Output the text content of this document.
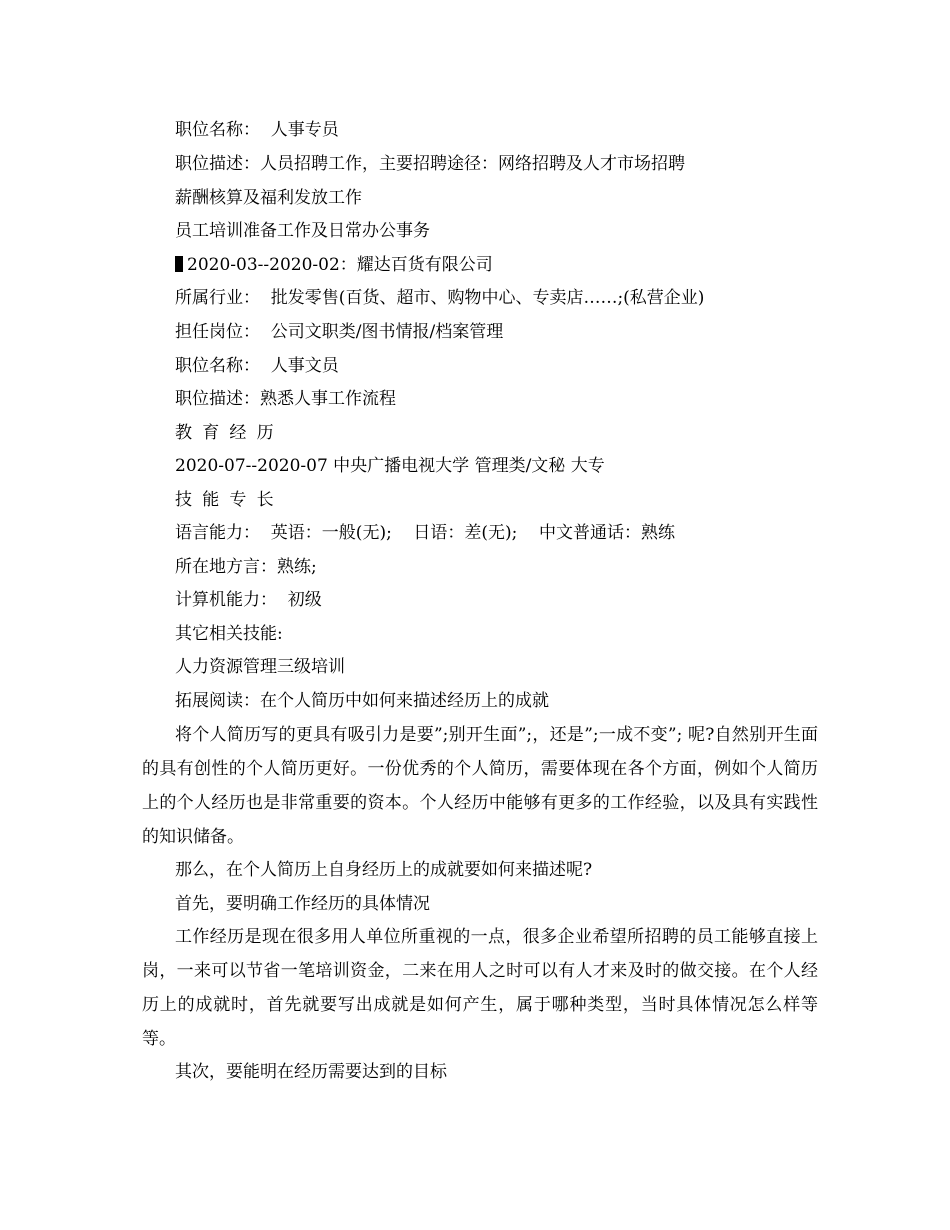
职位名称：  人事专员
职位描述：人员招聘工作，主要招聘途径：网络招聘及人才市场招聘
薪酬核算及福利发放工作
员工培训准备工作及日常办公事务
2020-03--2020-02：耀达百货有限公司
所属行业：  批发零售(百货、超市、购物中心、专卖店……;(私营企业)
担任岗位：  公司文职类/图书情报/档案管理
职位名称：  人事文员
职位描述：熟悉人事工作流程
教育经历
2020-07--2020-07 中央广播电视大学 管理类/文秘 大专
技能专长
语言能力：  英语：一般(无);    日语：差(无);    中文普通话：熟练
所在地方言：熟练;
计算机能力：  初级
其它相关技能:
人力资源管理三级培训
拓展阅读：在个人简历中如何来描述经历上的成就
将个人简历写的更具有吸引力是要”;别开生面”;，还是”;一成不变”; 呢?自然别开生面的具有创性的个人简历更好。一份优秀的个人简历，需要体现在各个方面，例如个人简历上的个人经历也是非常重要的资本。个人经历中能够有更多的工作经验，以及具有实践性的知识储备。
那么，在个人简历上自身经历上的成就要如何来描述呢?
首先，要明确工作经历的具体情况
工作经历是现在很多用人单位所重视的一点，很多企业希望所招聘的员工能够直接上岗，一来可以节省一笔培训资金，二来在用人之时可以有人才来及时的做交接。在个人经历上的成就时，首先就要写出成就是如何产生，属于哪种类型，当时具体情况怎么样等等。
其次，要能明在经历需要达到的目标
